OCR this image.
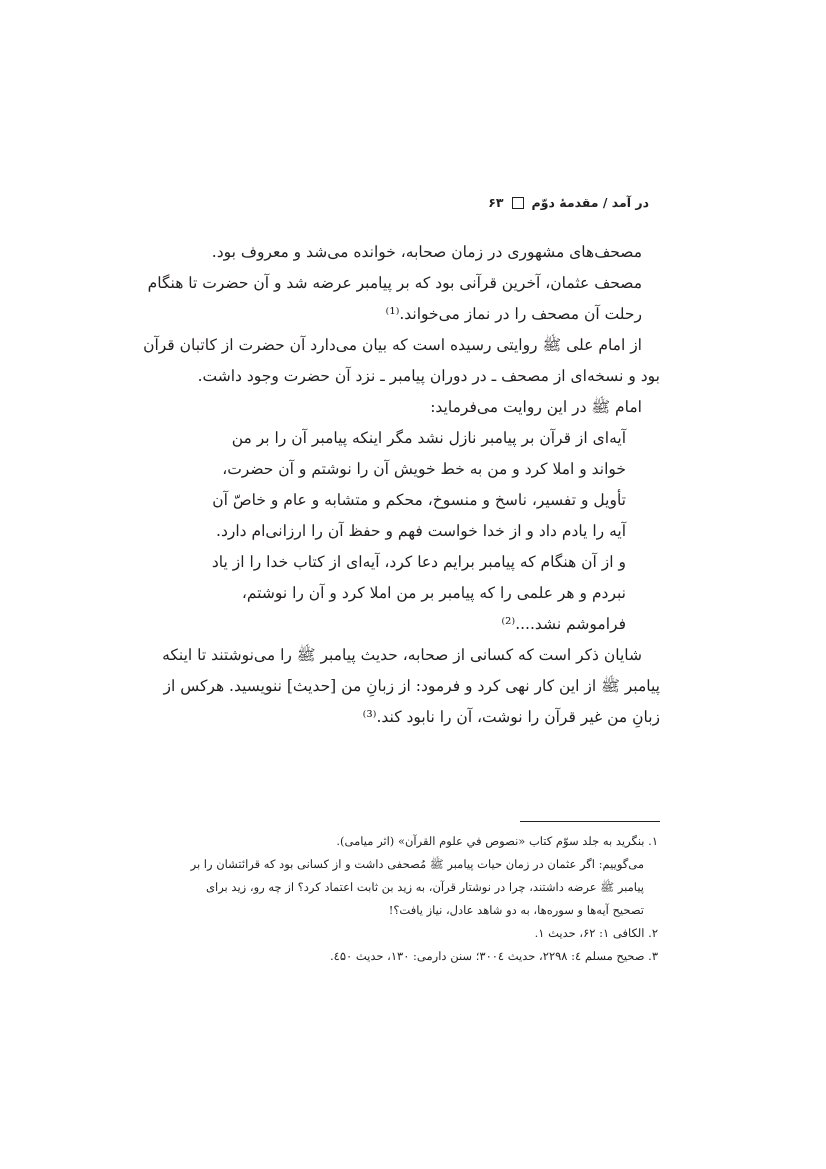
در آمد / مقدمهٔ دوّم
۶۳

مصحف‌های مشهوری در زمان صحابه، خوانده می‌شد و معروف بود.
مصحف عثمان، آخرین قرآنی بود که بر پیامبر عرضه شد و آن حضرت تا هنگام
رحلت آن مصحف را در نماز می‌خواند.⁽¹⁾

از امام علی ﷺ روایتی رسیده است که بیان می‌دارد آن حضرت از کاتبان قرآن
بود و نسخه‌ای از مصحف ـ در دوران پیامبر ـ نزد آن حضرت وجود داشت.
امام ﷺ در این روایت می‌فرماید:

آیه‌ای از قرآن بر پیامبر نازل نشد مگر اینکه پیامبر آن را بر من
خواند و املا کرد و من به خط خویش آن را نوشتم و آن حضرت،
تأویل و تفسیر، ناسخ و منسوخ، محکم و متشابه و عام و خاصّ آن
آیه را یادم داد و از خدا خواست فهم و حفظ آن را ارزانی‌ام دارد.
و از آن هنگام که پیامبر برایم دعا کرد، آیه‌ای از کتاب خدا را از یاد
نبردم و هر علمی را که پیامبر بر من املا کرد و آن را نوشتم،
فراموشم نشد....⁽²⁾

شایان ذکر است که کسانی از صحابه، حدیث پیامبر ﷺ را می‌نوشتند تا اینکه
پیامبر ﷺ از این کار نهی کرد و فرمود: از زبانِ من [حدیث] ننویسید. هرکس از
زبانِ من غیر قرآن را نوشت، آن را نابود کند.⁽³⁾

۱. بنگرید به جلد سوّم کتاب «نصوص في علوم القرآن» (اثر میامی).
می‌گوییم: اگر عثمان در زمان حیات پیامبر ﷺ مُصحفی داشت و از کسانی بود که قرائتشان را بر
پیامبر ﷺ عرضه داشتند، چرا در نوشتار قرآن، به زید بن ثابت اعتماد کرد؟ از چه رو، زید برای
تصحیح آیه‌ها و سوره‌ها، به دو شاهد عادل، نیاز یافت؟!
۲. الکافی ۱: ۶۲، حدیث ۱.
۳. صحیح مسلم ٤: ۲۲۹۸، حدیث ۳۰۰٤؛ سنن دارمی: ۱۳۰، حدیث ٤۵۰.
